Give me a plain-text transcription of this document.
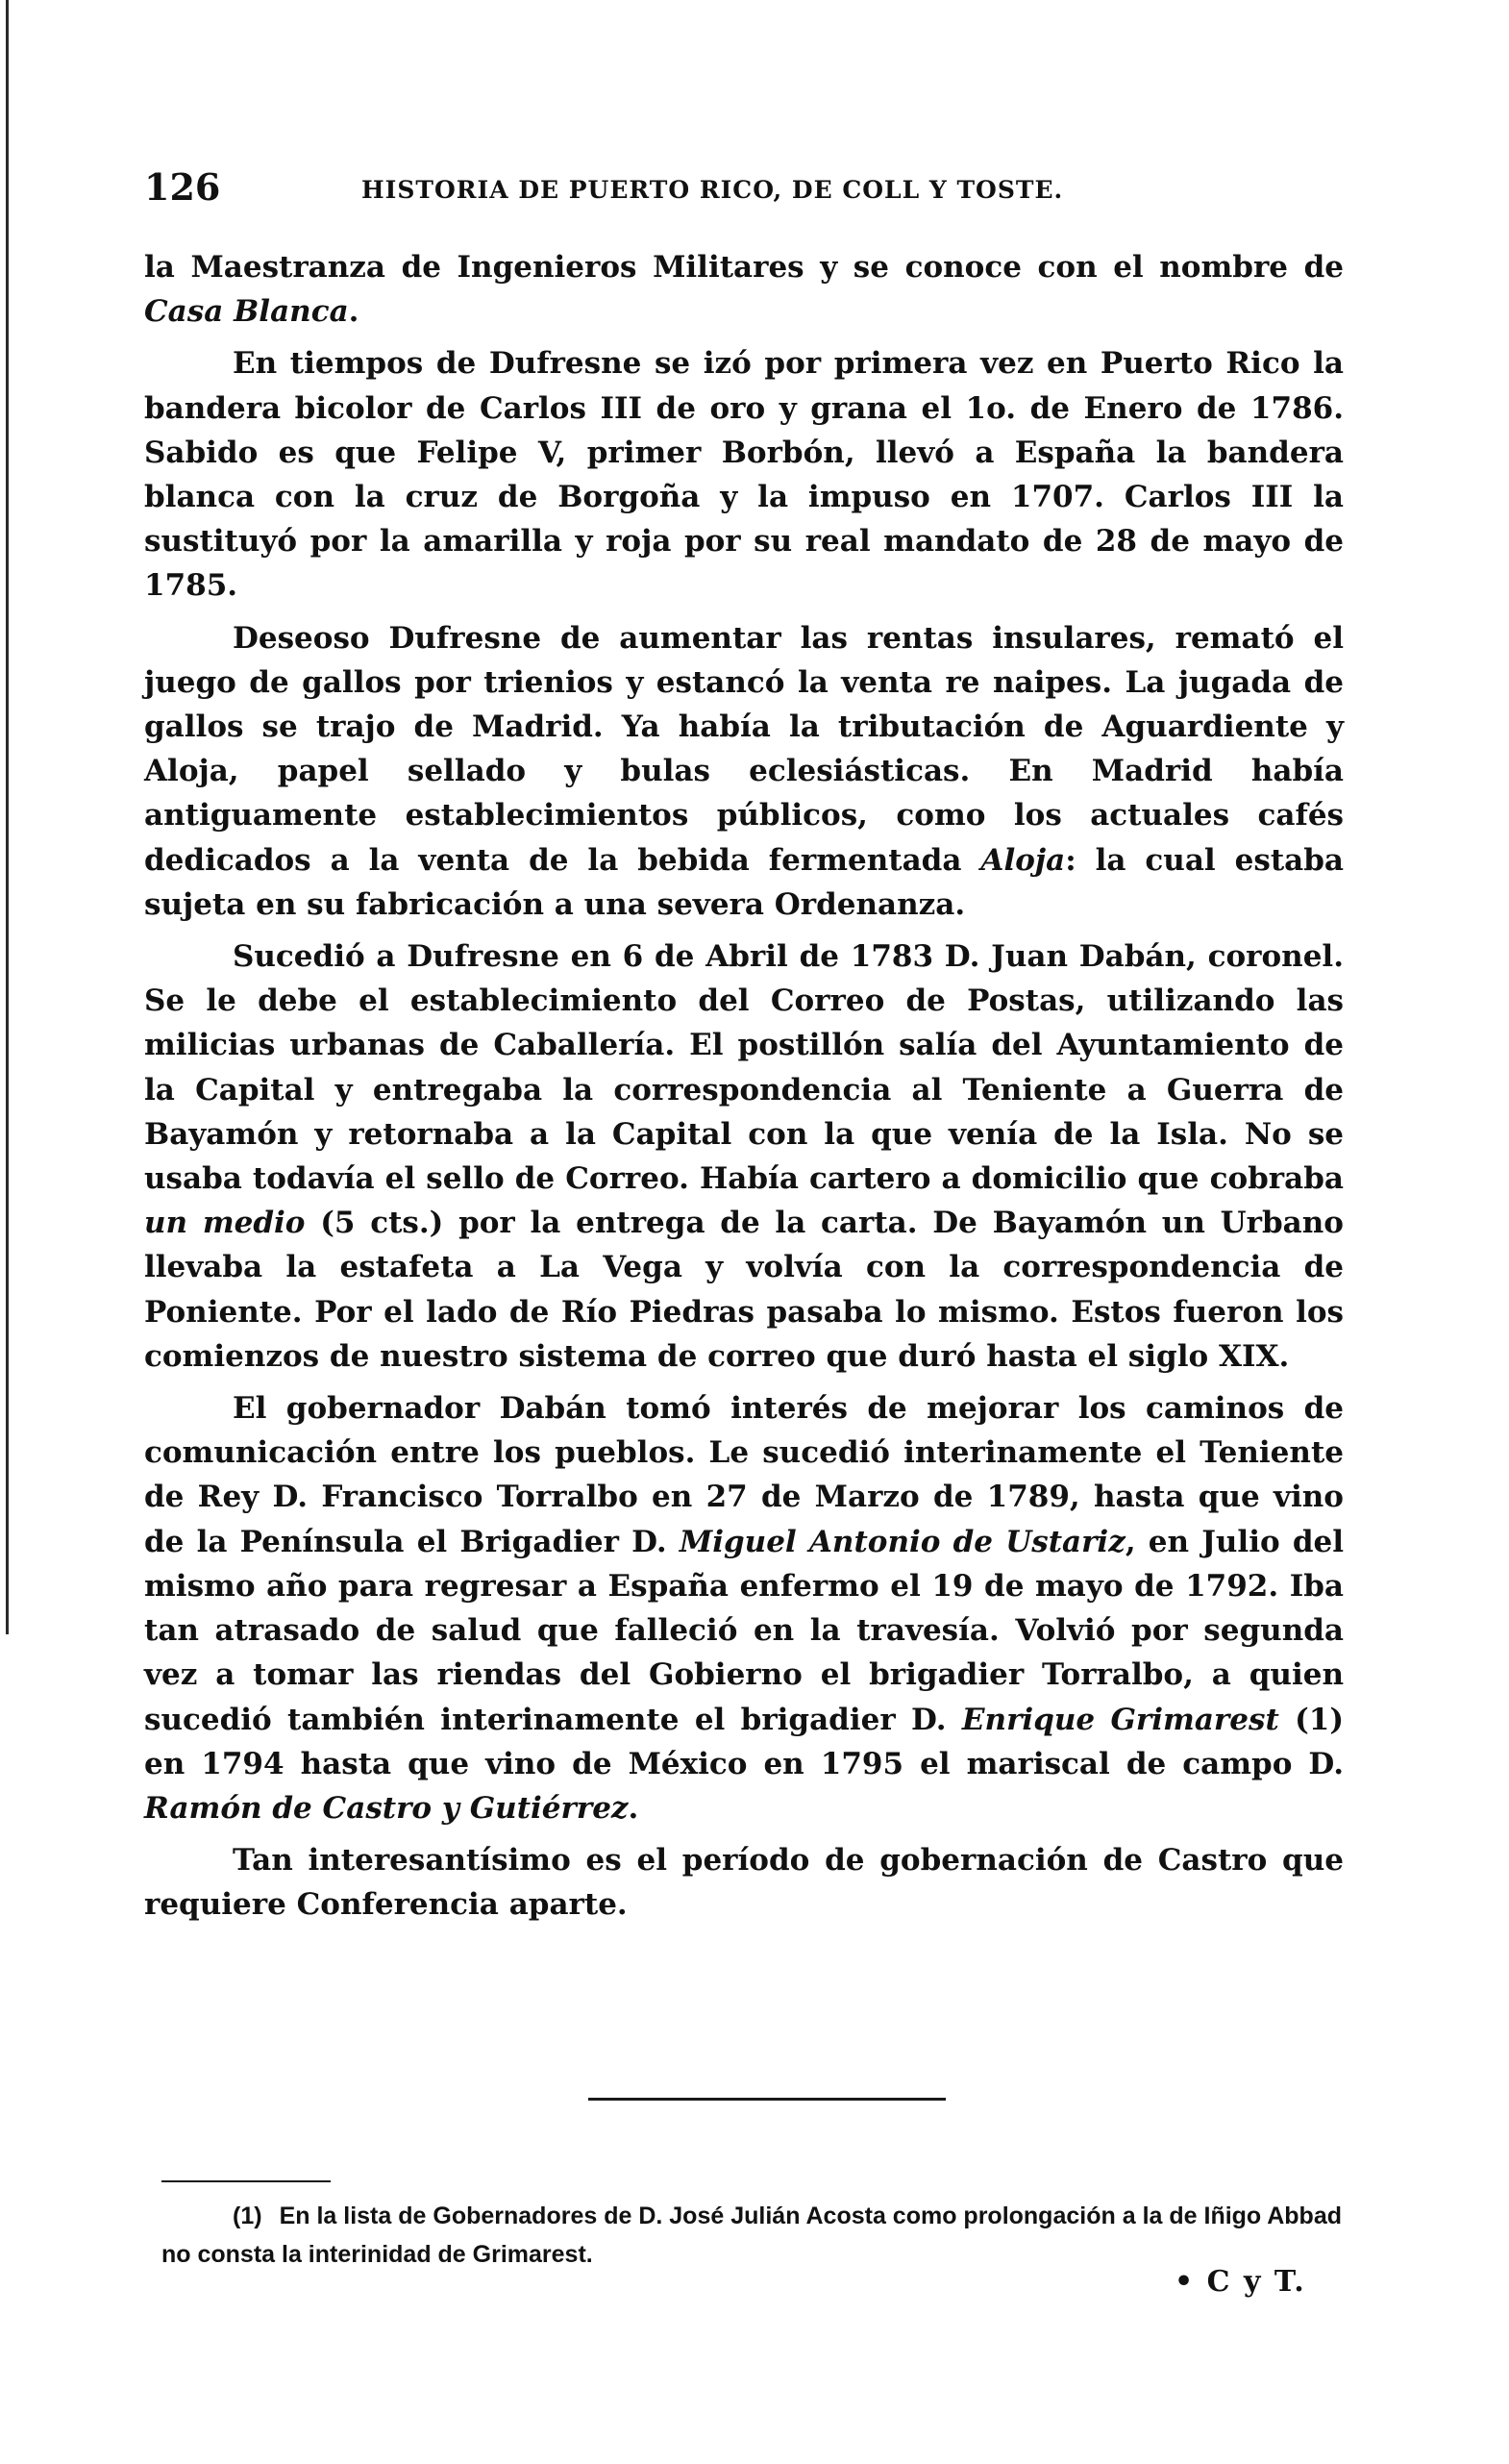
126	HISTORIA DE PUERTO RICO, DE COLL Y TOSTE.

la Maestranza de Ingenieros Militares y se conoce con el nombre de Casa Blanca.

En tiempos de Dufresne se izó por primera vez en Puerto Rico la bandera bicolor de Carlos III de oro y grana el 1o. de Enero de 1786. Sabido es que Felipe V, primer Borbón, llevó a España la bandera blanca con la cruz de Borgoña y la impuso en 1707. Carlos III la sustituyó por la amarilla y roja por su real mandato de 28 de mayo de 1785.

Deseoso Dufresne de aumentar las rentas insulares, remató el juego de gallos por trienios y estancó la venta re naipes. La jugada de gallos se trajo de Madrid. Ya había la tributación de Aguardiente y Aloja, papel sellado y bulas eclesiásticas. En Madrid había antiguamente establecimientos públicos, como los actuales cafés dedicados a la venta de la bebida fermentada Aloja: la cual estaba sujeta en su fabricación a una severa Ordenanza.

Sucedió a Dufresne en 6 de Abril de 1783 D. Juan Dabán, coronel. Se le debe el establecimiento del Correo de Postas, utilizando las milicias urbanas de Caballería. El postillón salía del Ayuntamiento de la Capital y entregaba la correspondencia al Teniente a Guerra de Bayamón y retornaba a la Capital con la que venía de la Isla. No se usaba todavía el sello de Correo. Había cartero a domicilio que cobraba un medio (5 cts.) por la entrega de la carta. De Bayamón un Urbano llevaba la estafeta a La Vega y volvía con la correspondencia de Poniente. Por el lado de Río Piedras pasaba lo mismo. Estos fueron los comienzos de nuestro sistema de correo que duró hasta el siglo XIX.

El gobernador Dabán tomó interés de mejorar los caminos de comunicación entre los pueblos. Le sucedió interinamente el Teniente de Rey D. Francisco Torralbo en 27 de Marzo de 1789, hasta que vino de la Península el Brigadier D. Miguel Antonio de Ustariz, en Julio del mismo año para regresar a España enfermo el 19 de mayo de 1792. Iba tan atrasado de salud que falleció en la travesía. Volvió por segunda vez a tomar las riendas del Gobierno el brigadier Torralbo, a quien sucedió también interinamente el brigadier D. Enrique Grimarest (1) en 1794 hasta que vino de México en 1795 el mariscal de campo D. Ramón de Castro y Gutiérrez.

Tan interesantísimo es el período de gobernación de Castro que requiere Conferencia aparte.

(1) En la lista de Gobernadores de D. José Julián Acosta como prolongación a la de Iñigo Abbad no consta la interinidad de Grimarest.
• C y T.
